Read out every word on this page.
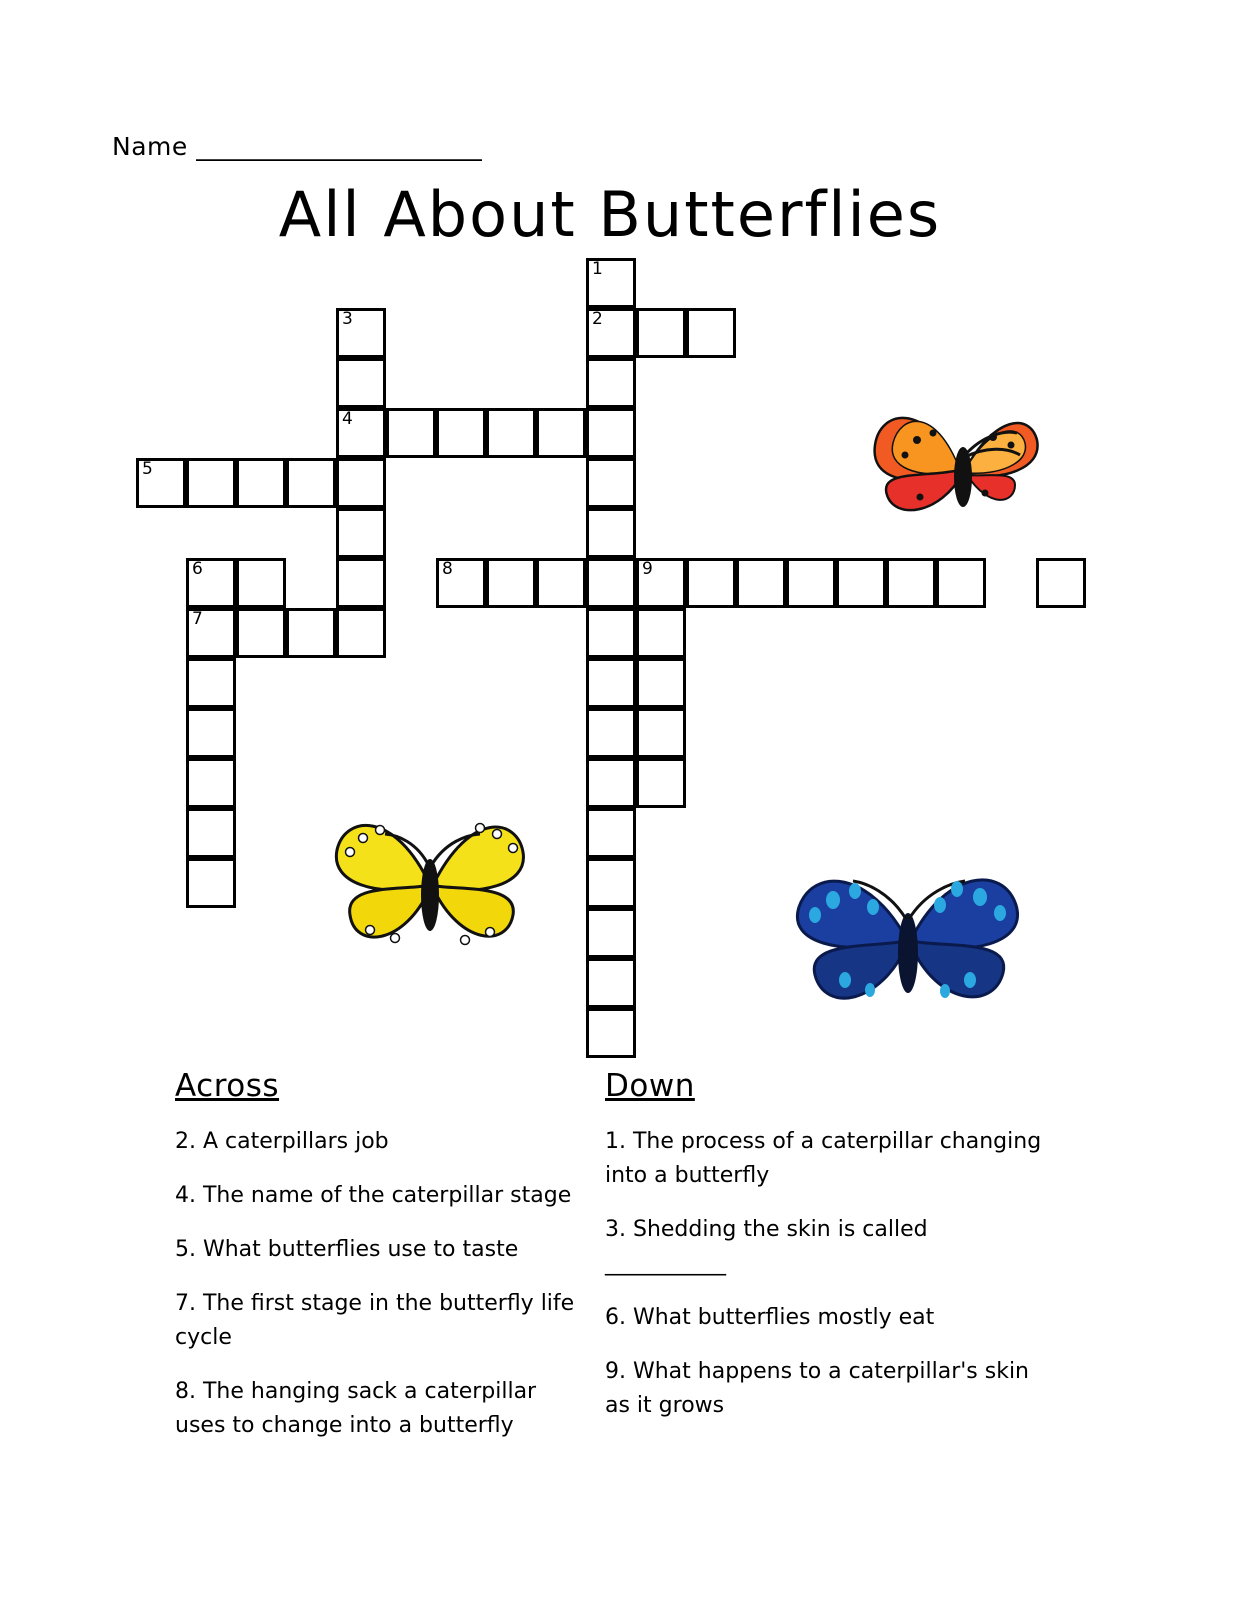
Name ______________________
All About Butterflies
1
2
3
4
5
6	8	9
7
Across
2. A caterpillars job
4. The name of the caterpillar stage
5. What butterflies use to taste
7. The first stage in the butterfly life cycle
8. The hanging sack a caterpillar uses to change into a butterfly
Down
1. The process of a caterpillar changing into a butterfly
3. Shedding the skin is called ___________
6. What butterflies mostly eat
9. What happens to a caterpillar's skin as it grows
